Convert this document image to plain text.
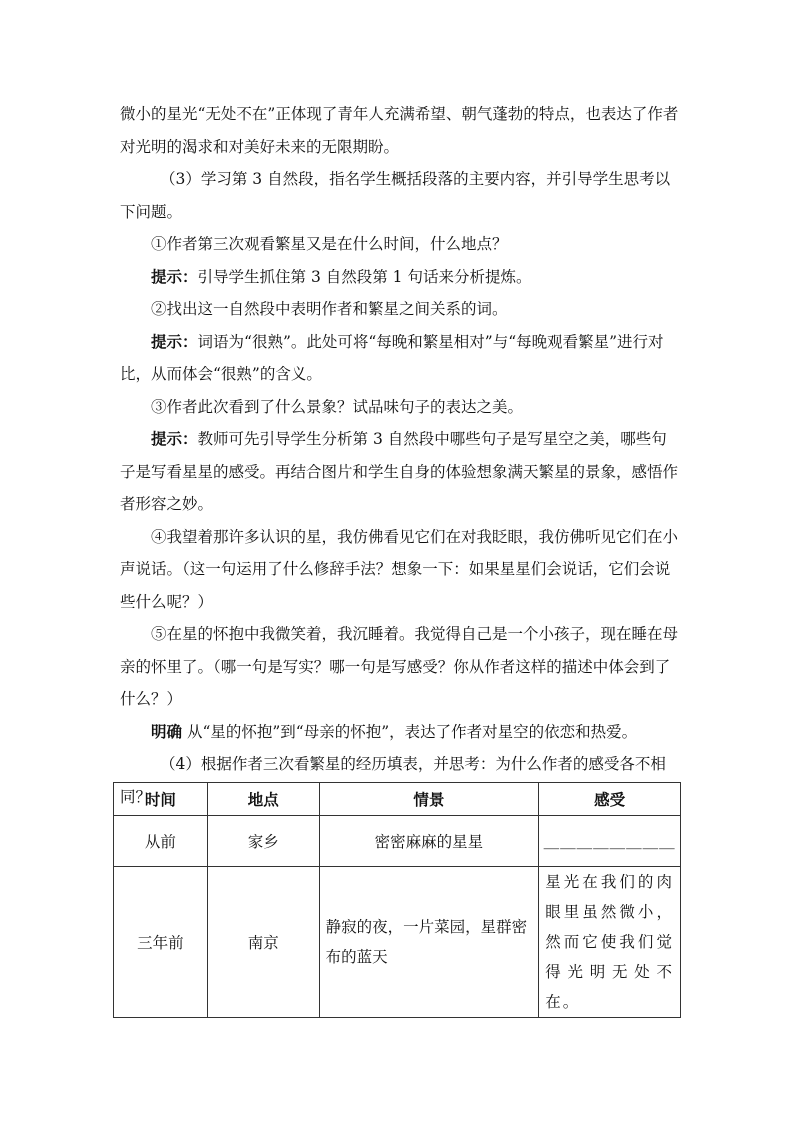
微小的星光“无处不在”正体现了青年人充满希望、朝气蓬勃的特点，也表达了作者对光明的渴求和对美好未来的无限期盼。

（3）学习第 3 自然段，指名学生概括段落的主要内容，并引导学生思考以下问题。

①作者第三次观看繁星又是在什么时间，什么地点？

提示：引导学生抓住第 3 自然段第 1 句话来分析提炼。

②找出这一自然段中表明作者和繁星之间关系的词。

提示：词语为“很熟”。此处可将“每晚和繁星相对”与“每晚观看繁星”进行对比，从而体会“很熟”的含义。

③作者此次看到了什么景象？试品味句子的表达之美。

提示：教师可先引导学生分析第 3 自然段中哪些句子是写星空之美，哪些句子是写看星星的感受。再结合图片和学生自身的体验想象满天繁星的景象，感悟作者形容之妙。

④我望着那许多认识的星，我仿佛看见它们在对我眨眼，我仿佛听见它们在小声说话。（这一句运用了什么修辞手法？想象一下：如果星星们会说话，它们会说些什么呢？）

⑤在星的怀抱中我微笑着，我沉睡着。我觉得自己是一个小孩子，现在睡在母亲的怀里了。（哪一句是写实？哪一句是写感受？你从作者这样的描述中体会到了什么？）

明确 从“星的怀抱”到“母亲的怀抱”，表达了作者对星空的依恋和热爱。

（4）根据作者三次看繁星的经历填表，并思考：为什么作者的感受各不相同？

时间	地点	情景	感受
从前	家乡	密密麻麻的星星	＿＿＿＿＿＿＿＿
三年前	南京	静寂的夜，一片菜园，星群密布的蓝天	星光在我们的肉眼里虽然微小，然而它使我们觉得光明无处不在。
